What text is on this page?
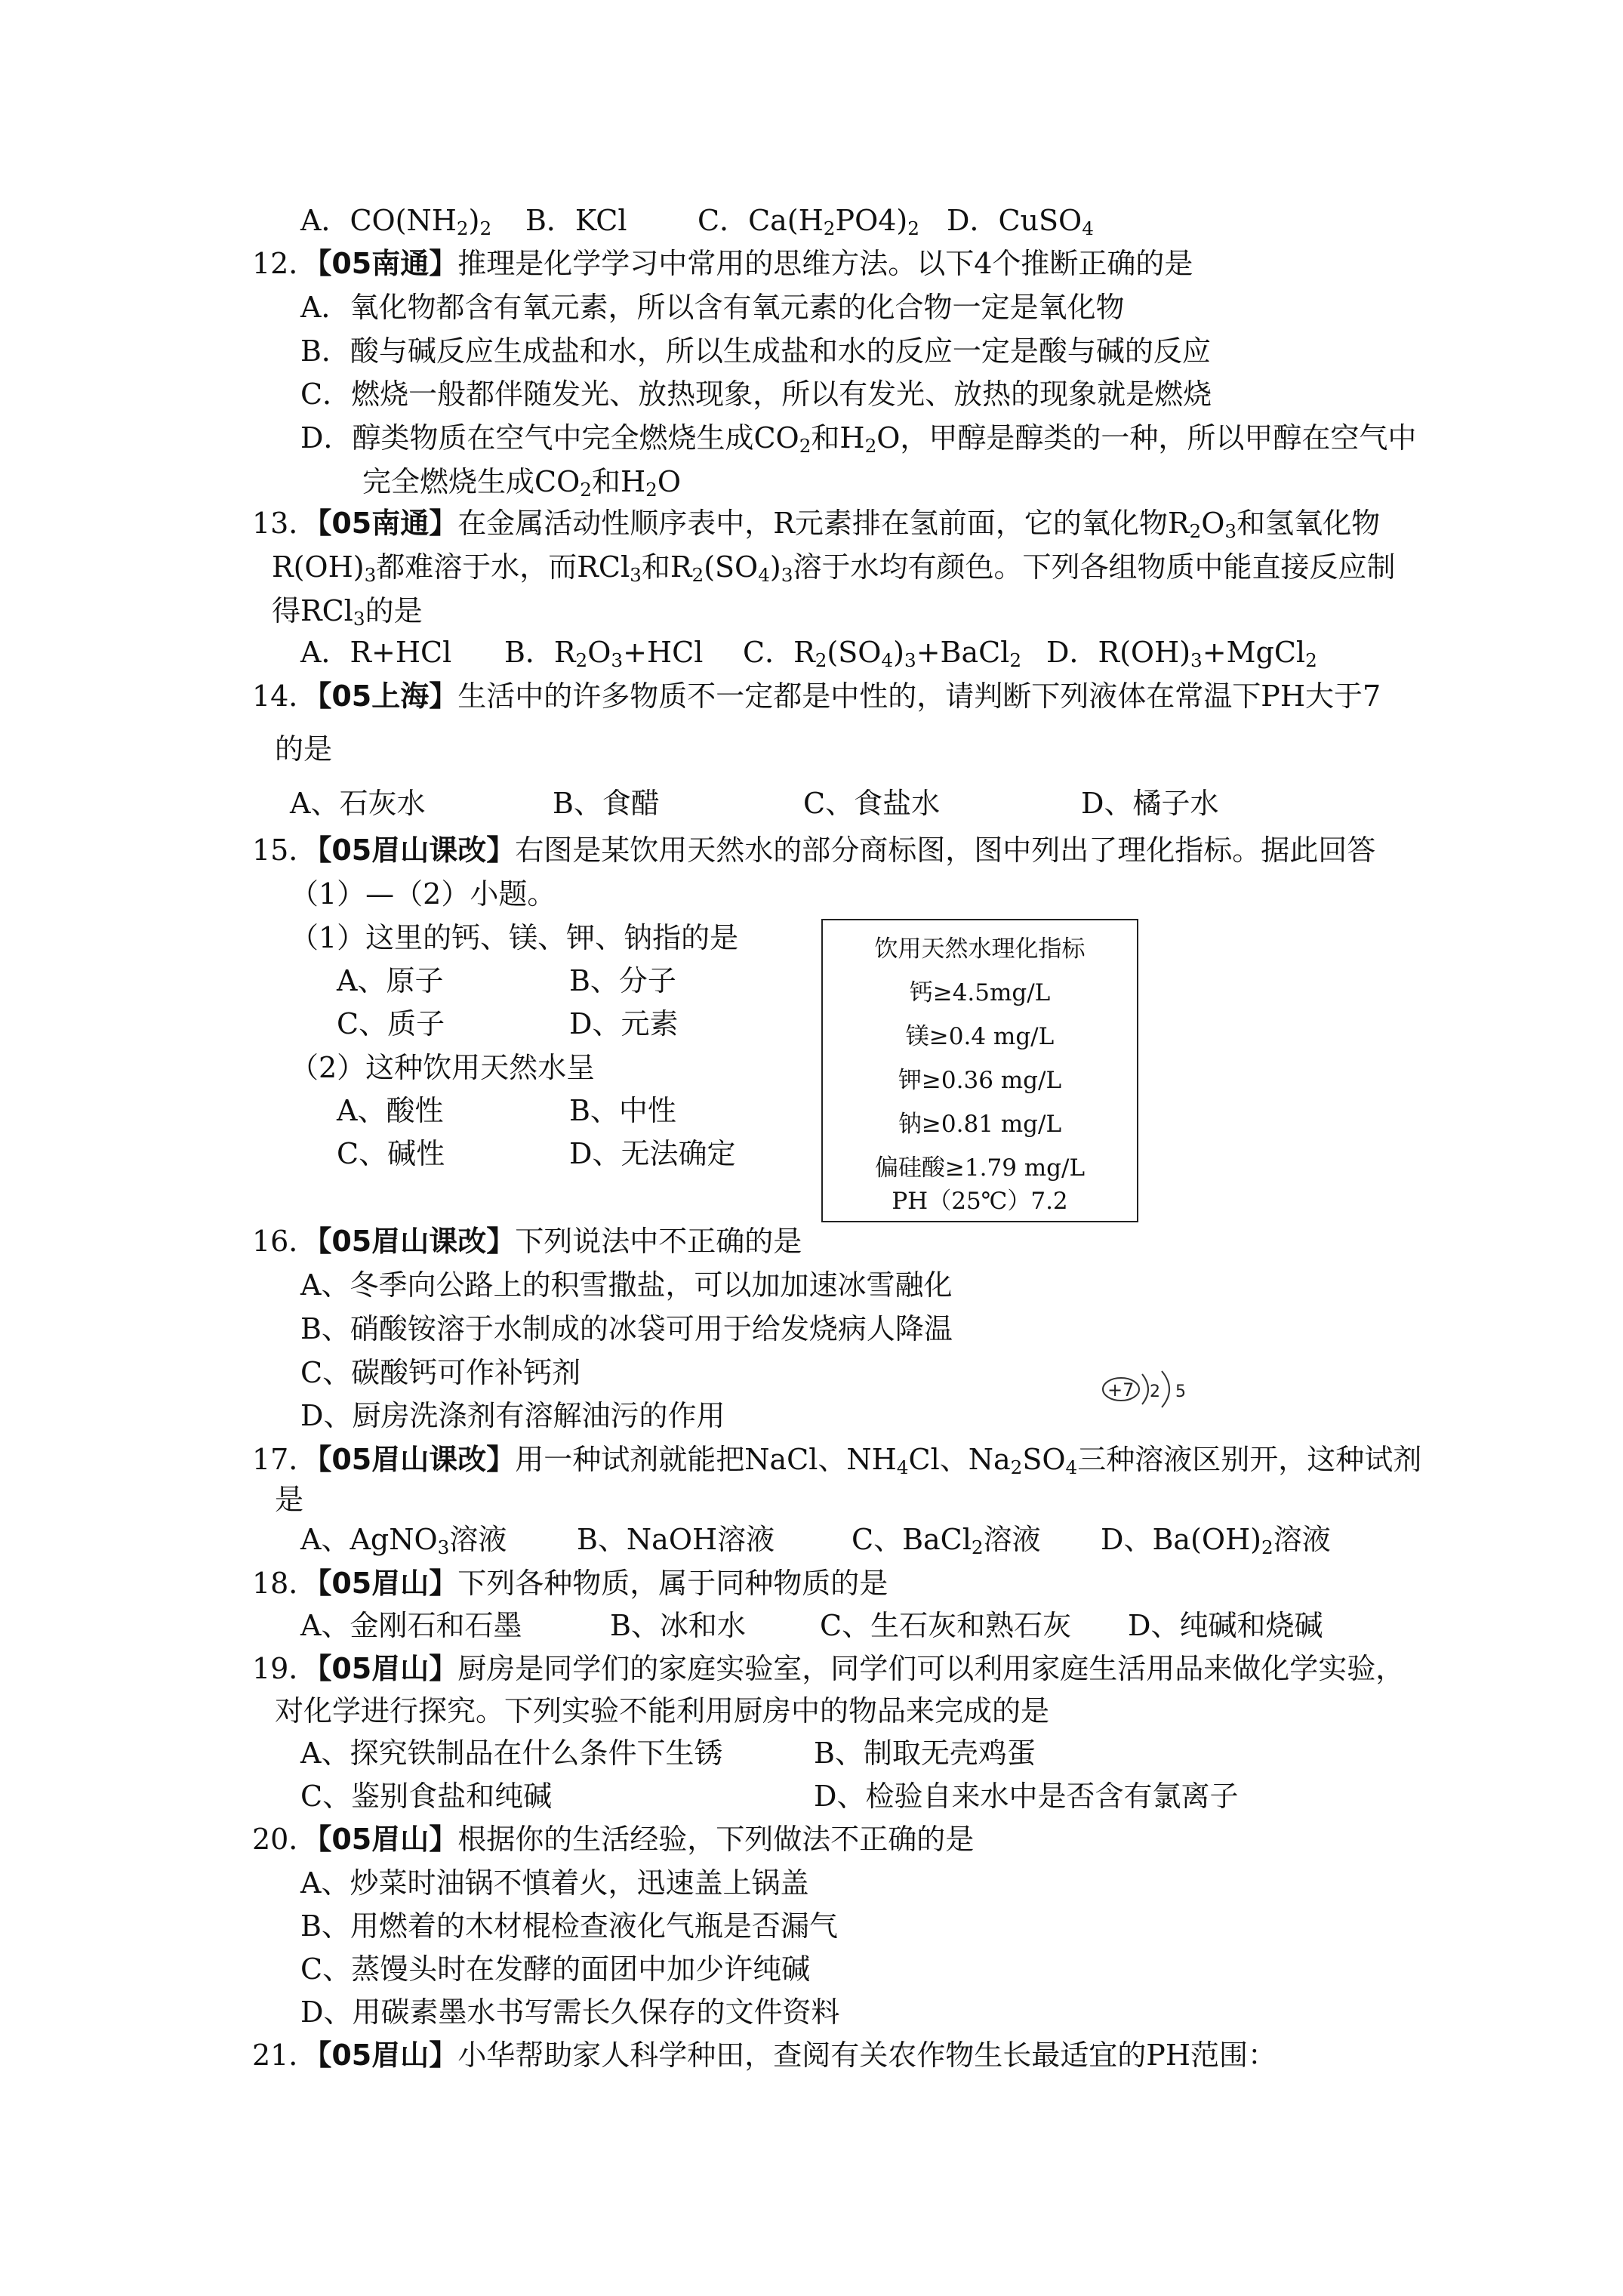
A．$CO(NH_2)_2$ B．KCl C．$Ca(H_2PO4)_2$ D．CuSO$_4$
12．【05南通】推理是化学学习中常用的思维方法。以下4个推断正确的是
A．氧化物都含有氧元素，所以含有氧元素的化合物一定是氧化物
B．酸与碱反应生成盐和水，所以生成盐和水的反应一定是酸与碱的反应
C．燃烧一般都伴随发光、放热现象，所以有发光、放热的现象就是燃烧
D．醇类物质在空气中完全燃烧生成$CO_2$和$H_2O$，甲醇是醇类的一种，所以甲醇在空气中
完全燃烧生成$CO_2$和$H_2O$
13．【05南通】在金属活动性顺序表中，R元素排在氢前面，它的氧化物$R_2O_3$和氢氧化物
$R(OH)_3$都难溶于水，而RCl$_3$和$R_2(SO_4)_3$溶于水均有颜色。下列各组物质中能直接反应制
得RCl$_3$的是
A．R+HCl B．$R_2O_3+HCl$ C．$R_2(SO_4)_3+BaCl_2$ D．$R(OH)_3+MgCl_2$
14．【05上海】生活中的许多物质不一定都是中性的，请判断下列液体在常温下PH大于7
的是
A、石灰水	B、食醋	C、食盐水	D、橘子水
15．【05眉山课改】右图是某饮用天然水的部分商标图，图中列出了理化指标。据此回答
（1）—（2）小题。
（1）这里的钙、镁、钾、钠指的是
A、原子	B、分子
C、质子	D、元素
（2）这种饮用天然水呈
A、酸性	B、中性
C、碱性	D、无法确定
饮用天然水理化指标
钙≥4.5mg/L
镁≥0.4 mg/L
钾≥0.36 mg/L
钠≥0.81 mg/L
偏硅酸≥1.79 mg/L
PH（25℃）7.2
16．【05眉山课改】下列说法中不正确的是
A、冬季向公路上的积雪撒盐，可以加加速冰雪融化
B、硝酸铵溶于水制成的冰袋可用于给发烧病人降温
C、碳酸钙可作补钙剂
D、厨房洗涤剂有溶解油污的作用
+7 2 5
17．【05眉山课改】用一种试剂就能把NaCl、$NH_4Cl$、$Na_2SO_4$三种溶液区别开，这种试剂
是
A、AgNO$_3$溶液 B、NaOH溶液	C、BaCl$_2$溶液 D、$Ba(OH)_2$溶液
18．【05眉山】下列各种物质，属于同种物质的是
A、金刚石和石墨	B、冰和水	C、生石灰和熟石灰 D、纯碱和烧碱
19．【05眉山】厨房是同学们的家庭实验室，同学们可以利用家庭生活用品来做化学实验，
对化学进行探究。下列实验不能利用厨房中的物品来完成的是
A、探究铁制品在什么条件下生锈	B、制取无壳鸡蛋
C、鉴别食盐和纯碱	D、检验自来水中是否含有氯离子
20．【05眉山】根据你的生活经验，下列做法不正确的是
A、炒菜时油锅不慎着火，迅速盖上锅盖
B、用燃着的木材棍检查液化气瓶是否漏气
C、蒸馒头时在发酵的面团中加少许纯碱
D、用碳素墨水书写需长久保存的文件资料
21．【05眉山】小华帮助家人科学种田，查阅有关农作物生长最适宜的PH范围：
